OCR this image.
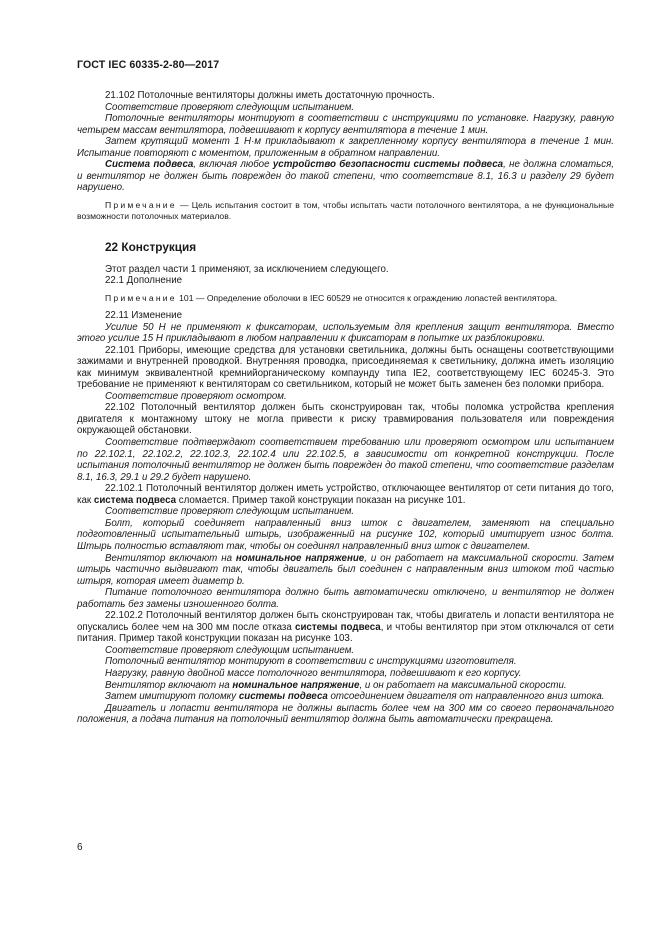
ГОСТ IEC 60335-2-80—2017

21.102 Потолочные вентиляторы должны иметь достаточную прочность.

Соответствие проверяют следующим испытанием.

Потолочные вентиляторы монтируют в соответствии с инструкциями по установке. Нагрузку, равную четырем массам вентилятора, подвешивают к корпусу вентилятора в течение 1 мин.

Затем крутящий момент 1 Н·м прикладывают к закрепленному корпусу вентилятора в течение 1 мин. Испытание повторяют с моментом, приложенным в обратном направлении.

Система подвеса, включая любое устройство безопасности системы подвеса, не должна сломаться, и вентилятор не должен быть поврежден до такой степени, что соответствие 8.1, 16.3 и разделу 29 будет нарушено.

Примечание — Цель испытания состоит в том, чтобы испытать части потолочного вентилятора, а не функциональные возможности потолочных материалов.

22 Конструкция

Этот раздел части 1 применяют, за исключением следующего.

22.1 Дополнение

Примечание 101 — Определение оболочки в IEC 60529 не относится к ограждению лопастей вентилятора.

22.11 Изменение

Усилие 50 Н не применяют к фиксаторам, используемым для крепления защит вентилятора. Вместо этого усилие 15 Н прикладывают в любом направлении к фиксаторам в попытке их разблокировки.

22.101 Приборы, имеющие средства для установки светильника, должны быть оснащены соответствующими зажимами и внутренней проводкой. Внутренняя проводка, присоединяемая к светильнику, должна иметь изоляцию как минимум эквивалентной кремнийорганическому компаунду типа IE2, соответствующему IEC 60245-3. Это требование не применяют к вентиляторам со светильником, который не может быть заменен без поломки прибора.

Соответствие проверяют осмотром.

22.102 Потолочный вентилятор должен быть сконструирован так, чтобы поломка устройства крепления двигателя к монтажному штоку не могла привести к риску травмирования пользователя или повреждения окружающей обстановки.

Соответствие подтверждают соответствием требованию или проверяют осмотром или испытанием по 22.102.1, 22.102.2, 22.102.3, 22.102.4 или 22.102.5, в зависимости от конкретной конструкции. После испытания потолочный вентилятор не должен быть поврежден до такой степени, что соответствие разделам 8.1, 16.3, 29.1 и 29.2 будет нарушено.

22.102.1 Потолочный вентилятор должен иметь устройство, отключающее вентилятор от сети питания до того, как система подвеса сломается. Пример такой конструкции показан на рисунке 101.

Соответствие проверяют следующим испытанием.

Болт, который соединяет направленный вниз шток с двигателем, заменяют на специально подготовленный испытательный штырь, изображенный на рисунке 102, который имитирует износ болта. Штырь полностью вставляют так, чтобы он соединял направленный вниз шток с двигателем.

Вентилятор включают на номинальное напряжение, и он работает на максимальной скорости. Затем штырь частично выдвигают так, чтобы двигатель был соединен с направленным вниз штоком той частью штыря, которая имеет диаметр b.

Питание потолочного вентилятора должно быть автоматически отключено, и вентилятор не должен работать без замены изношенного болта.

22.102.2 Потолочный вентилятор должен быть сконструирован так, чтобы двигатель и лопасти вентилятора не опускались более чем на 300 мм после отказа системы подвеса, и чтобы вентилятор при этом отключался от сети питания. Пример такой конструкции показан на рисунке 103.

Соответствие проверяют следующим испытанием.

Потолочный вентилятор монтируют в соответствии с инструкциями изготовителя.

Нагрузку, равную двойной массе потолочного вентилятора, подвешивают к его корпусу.

Вентилятор включают на номинальное напряжение, и он работает на максимальной скорости.

Затем имитируют поломку системы подвеса отсоединением двигателя от направленного вниз штока.

Двигатель и лопасти вентилятора не должны выпасть более чем на 300 мм со своего первоначального положения, а подача питания на потолочный вентилятор должна быть автоматически прекращена.

6
